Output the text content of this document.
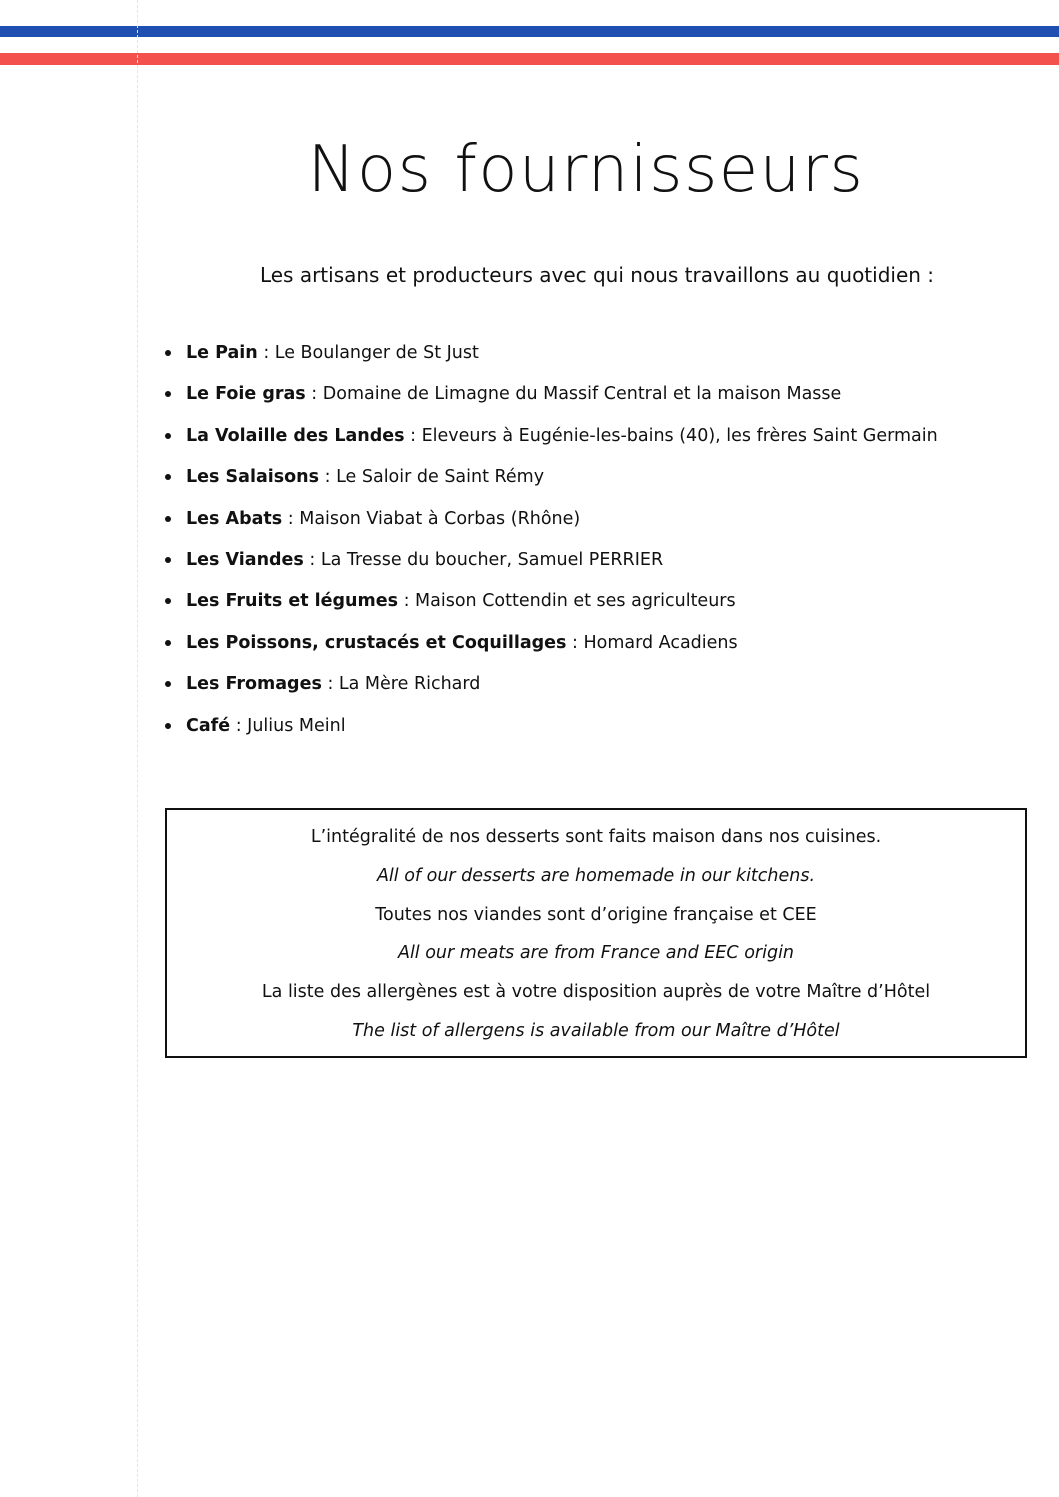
Nos fournisseurs

Les artisans et producteurs avec qui nous travaillons au quotidien :

Le Pain : Le Boulanger de St Just
Le Foie gras : Domaine de Limagne du Massif Central et la maison Masse
La Volaille des Landes : Eleveurs à Eugénie-les-bains (40), les frères Saint Germain
Les Salaisons : Le Saloir de Saint Rémy
Les Abats : Maison Viabat à Corbas (Rhône)
Les Viandes : La Tresse du boucher, Samuel PERRIER
Les Fruits et légumes : Maison Cottendin et ses agriculteurs
Les Poissons, crustacés et Coquillages : Homard Acadiens
Les Fromages : La Mère Richard
Café : Julius Meinl

L’intégralité de nos desserts sont faits maison dans nos cuisines.

All of our desserts are homemade in our kitchens.

Toutes nos viandes sont d’origine française et CEE

All our meats are from France and EEC origin

La liste des allergènes est à votre disposition auprès de votre Maître d’Hôtel

The list of allergens is available from our Maître d’Hôtel
